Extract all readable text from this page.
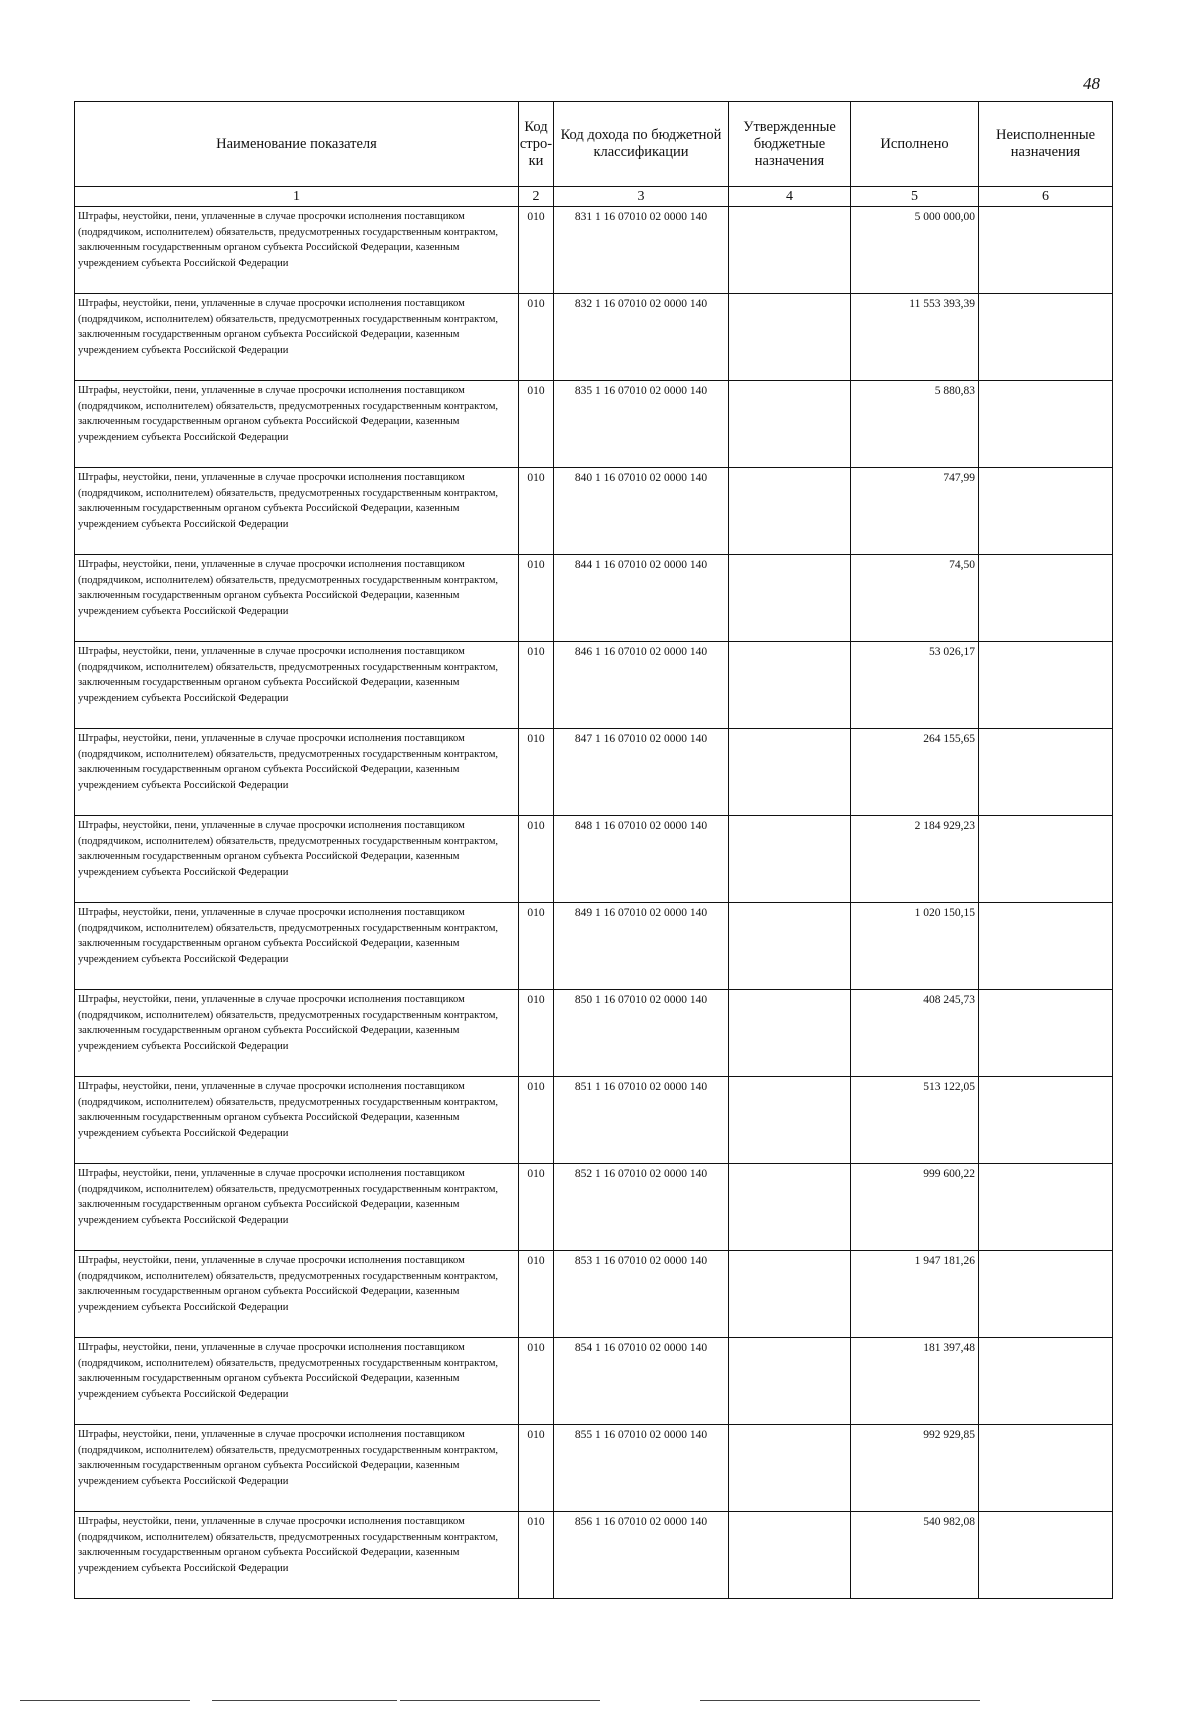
48
Наименование показателя	Код стро-ки	Код дохода по бюджетной классификации	Утвержденные бюджетные назначения	Исполнено	Неисполненные назначения
1	2	3	4	5	6
Штрафы, неустойки, пени, уплаченные в случае просрочки исполнения поставщиком (подрядчиком, исполнителем) обязательств, предусмотренных государственным контрактом, заключенным государственным органом субъекта Российской Федерации, казенным учреждением субъекта Российской Федерации	010	831 1 16 07010 02 0000 140		5 000 000,00	
Штрафы, неустойки, пени, уплаченные в случае просрочки исполнения поставщиком (подрядчиком, исполнителем) обязательств, предусмотренных государственным контрактом, заключенным государственным органом субъекта Российской Федерации, казенным учреждением субъекта Российской Федерации	010	832 1 16 07010 02 0000 140		11 553 393,39	
Штрафы, неустойки, пени, уплаченные в случае просрочки исполнения поставщиком (подрядчиком, исполнителем) обязательств, предусмотренных государственным контрактом, заключенным государственным органом субъекта Российской Федерации, казенным учреждением субъекта Российской Федерации	010	835 1 16 07010 02 0000 140		5 880,83	
Штрафы, неустойки, пени, уплаченные в случае просрочки исполнения поставщиком (подрядчиком, исполнителем) обязательств, предусмотренных государственным контрактом, заключенным государственным органом субъекта Российской Федерации, казенным учреждением субъекта Российской Федерации	010	840 1 16 07010 02 0000 140		747,99	
Штрафы, неустойки, пени, уплаченные в случае просрочки исполнения поставщиком (подрядчиком, исполнителем) обязательств, предусмотренных государственным контрактом, заключенным государственным органом субъекта Российской Федерации, казенным учреждением субъекта Российской Федерации	010	844 1 16 07010 02 0000 140		74,50	
Штрафы, неустойки, пени, уплаченные в случае просрочки исполнения поставщиком (подрядчиком, исполнителем) обязательств, предусмотренных государственным контрактом, заключенным государственным органом субъекта Российской Федерации, казенным учреждением субъекта Российской Федерации	010	846 1 16 07010 02 0000 140		53 026,17	
Штрафы, неустойки, пени, уплаченные в случае просрочки исполнения поставщиком (подрядчиком, исполнителем) обязательств, предусмотренных государственным контрактом, заключенным государственным органом субъекта Российской Федерации, казенным учреждением субъекта Российской Федерации	010	847 1 16 07010 02 0000 140		264 155,65	
Штрафы, неустойки, пени, уплаченные в случае просрочки исполнения поставщиком (подрядчиком, исполнителем) обязательств, предусмотренных государственным контрактом, заключенным государственным органом субъекта Российской Федерации, казенным учреждением субъекта Российской Федерации	010	848 1 16 07010 02 0000 140		2 184 929,23	
Штрафы, неустойки, пени, уплаченные в случае просрочки исполнения поставщиком (подрядчиком, исполнителем) обязательств, предусмотренных государственным контрактом, заключенным государственным органом субъекта Российской Федерации, казенным учреждением субъекта Российской Федерации	010	849 1 16 07010 02 0000 140		1 020 150,15	
Штрафы, неустойки, пени, уплаченные в случае просрочки исполнения поставщиком (подрядчиком, исполнителем) обязательств, предусмотренных государственным контрактом, заключенным государственным органом субъекта Российской Федерации, казенным учреждением субъекта Российской Федерации	010	850 1 16 07010 02 0000 140		408 245,73	
Штрафы, неустойки, пени, уплаченные в случае просрочки исполнения поставщиком (подрядчиком, исполнителем) обязательств, предусмотренных государственным контрактом, заключенным государственным органом субъекта Российской Федерации, казенным учреждением субъекта Российской Федерации	010	851 1 16 07010 02 0000 140		513 122,05	
Штрафы, неустойки, пени, уплаченные в случае просрочки исполнения поставщиком (подрядчиком, исполнителем) обязательств, предусмотренных государственным контрактом, заключенным государственным органом субъекта Российской Федерации, казенным учреждением субъекта Российской Федерации	010	852 1 16 07010 02 0000 140		999 600,22	
Штрафы, неустойки, пени, уплаченные в случае просрочки исполнения поставщиком (подрядчиком, исполнителем) обязательств, предусмотренных государственным контрактом, заключенным государственным органом субъекта Российской Федерации, казенным учреждением субъекта Российской Федерации	010	853 1 16 07010 02 0000 140		1 947 181,26	
Штрафы, неустойки, пени, уплаченные в случае просрочки исполнения поставщиком (подрядчиком, исполнителем) обязательств, предусмотренных государственным контрактом, заключенным государственным органом субъекта Российской Федерации, казенным учреждением субъекта Российской Федерации	010	854 1 16 07010 02 0000 140		181 397,48	
Штрафы, неустойки, пени, уплаченные в случае просрочки исполнения поставщиком (подрядчиком, исполнителем) обязательств, предусмотренных государственным контрактом, заключенным государственным органом субъекта Российской Федерации, казенным учреждением субъекта Российской Федерации	010	855 1 16 07010 02 0000 140		992 929,85	
Штрафы, неустойки, пени, уплаченные в случае просрочки исполнения поставщиком (подрядчиком, исполнителем) обязательств, предусмотренных государственным контрактом, заключенным государственным органом субъекта Российской Федерации, казенным учреждением субъекта Российской Федерации	010	856 1 16 07010 02 0000 140		540 982,08	
